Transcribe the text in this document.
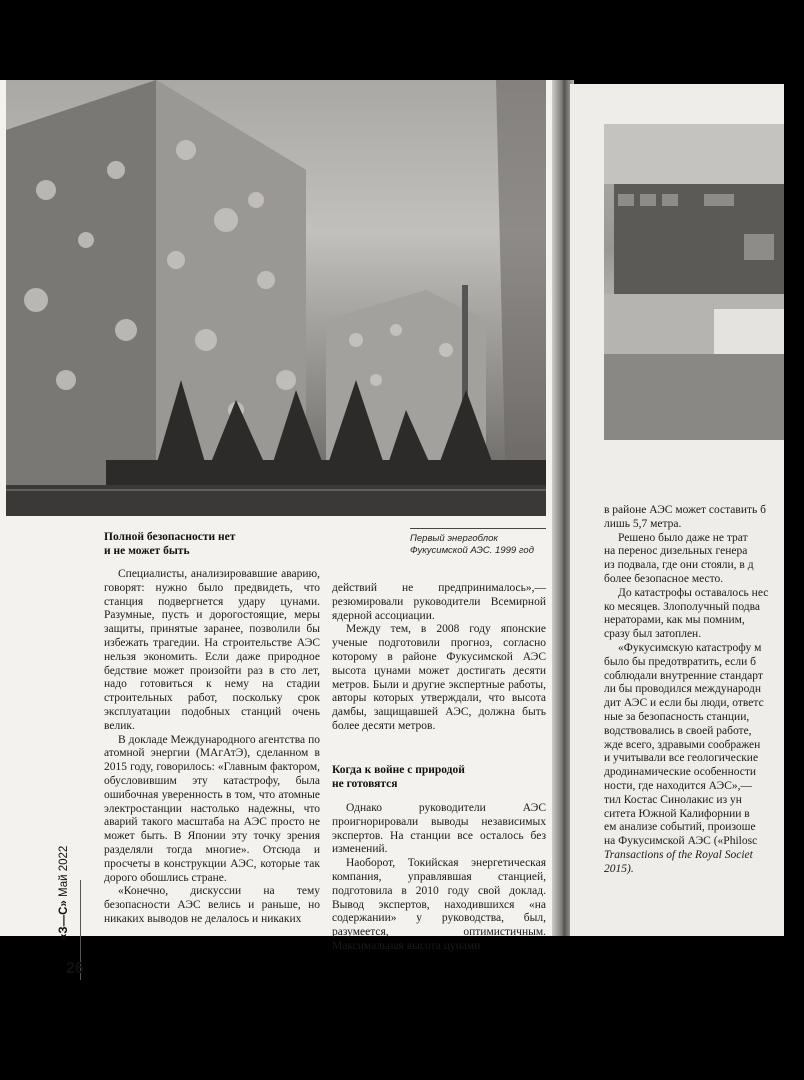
Первый энергоблок
Фукусимской АЭС. 1999 год
Полной безопасности нет
и не может быть

Специалисты, анализировавшие аварию, говорят: нужно было предвидеть, что станция подвергнется удару цунами. Разумные, пусть и дорогостоящие, меры защиты, принятые заранее, позволили бы избежать трагедии. На строительстве АЭС нельзя экономить. Если даже природное бедствие может произойти раз в сто лет, надо готовиться к нему на стадии строительных работ, поскольку срок эксплуатации подобных станций очень велик.

В докладе Международного агентства по атомной энергии (МАгАтЭ), сделанном в 2015 году, говорилось: «Главным фактором, обусловившим эту катастрофу, была ошибочная уверенность в том, что атомные электростанции настолько надежны, что аварий такого масштаба на АЭС просто не может быть. В Японии эту точку зрения разделяли тогда многие». Отсюда и просчеты в конструкции АЭС, которые так дорого обошлись стране.

«Конечно, дискуссии на тему безопасности АЭС велись и раньше, но никаких выводов не делалось и никаких

действий не предпринималось»,— резюмировали руководители Всемирной ядерной ассоциации.

Между тем, в 2008 году японские ученые подготовили прогноз, согласно которому в районе Фукусимской АЭС высота цунами может достигать десяти метров. Были и другие экспертные работы, авторы которых утверждали, что высота дамбы, защищавшей АЭС, должна быть более десяти метров.

Когда к войне с природой
не готовятся

Однако руководители АЭС проигнорировали выводы независимых экспертов. На станции все осталось без изменений.

Наоборот, Токийская энергетическая компания, управлявшая станцией, подготовила в 2010 году свой доклад. Вывод экспертов, находившихся «на содержании» у руководства, был, разумеется, оптимистичным. Максимальная высота цунами

«З—С» Май 2022
26

в районе АЭС может составить б

лишь 5,7 метра.

Решено было даже не трат

на перенос дизельных генера

из подвала, где они стояли, в д

более безопасное место.

До катастрофы оставалось нес

ко месяцев. Злополучный подва

нераторами, как мы помним,

сразу был затоплен.

«Фукусимскую катастрофу м

было бы предотвратить, если б

соблюдали внутренние стандарт

ли бы проводился международн

дит АЭС и если бы люди, ответс

ные за безопасность станции,

водствовались в своей работе,

жде всего, здравыми соображен

и учитывали все геологические

дродинамические особенности

ности, где находится АЭС»,—

тил Костас Синолакис из ун

ситета Южной Калифорнии в

ем анализе событий, произоше

на Фукусимской АЭС («Philosc

Transactions of the Royal Societ

2015).
